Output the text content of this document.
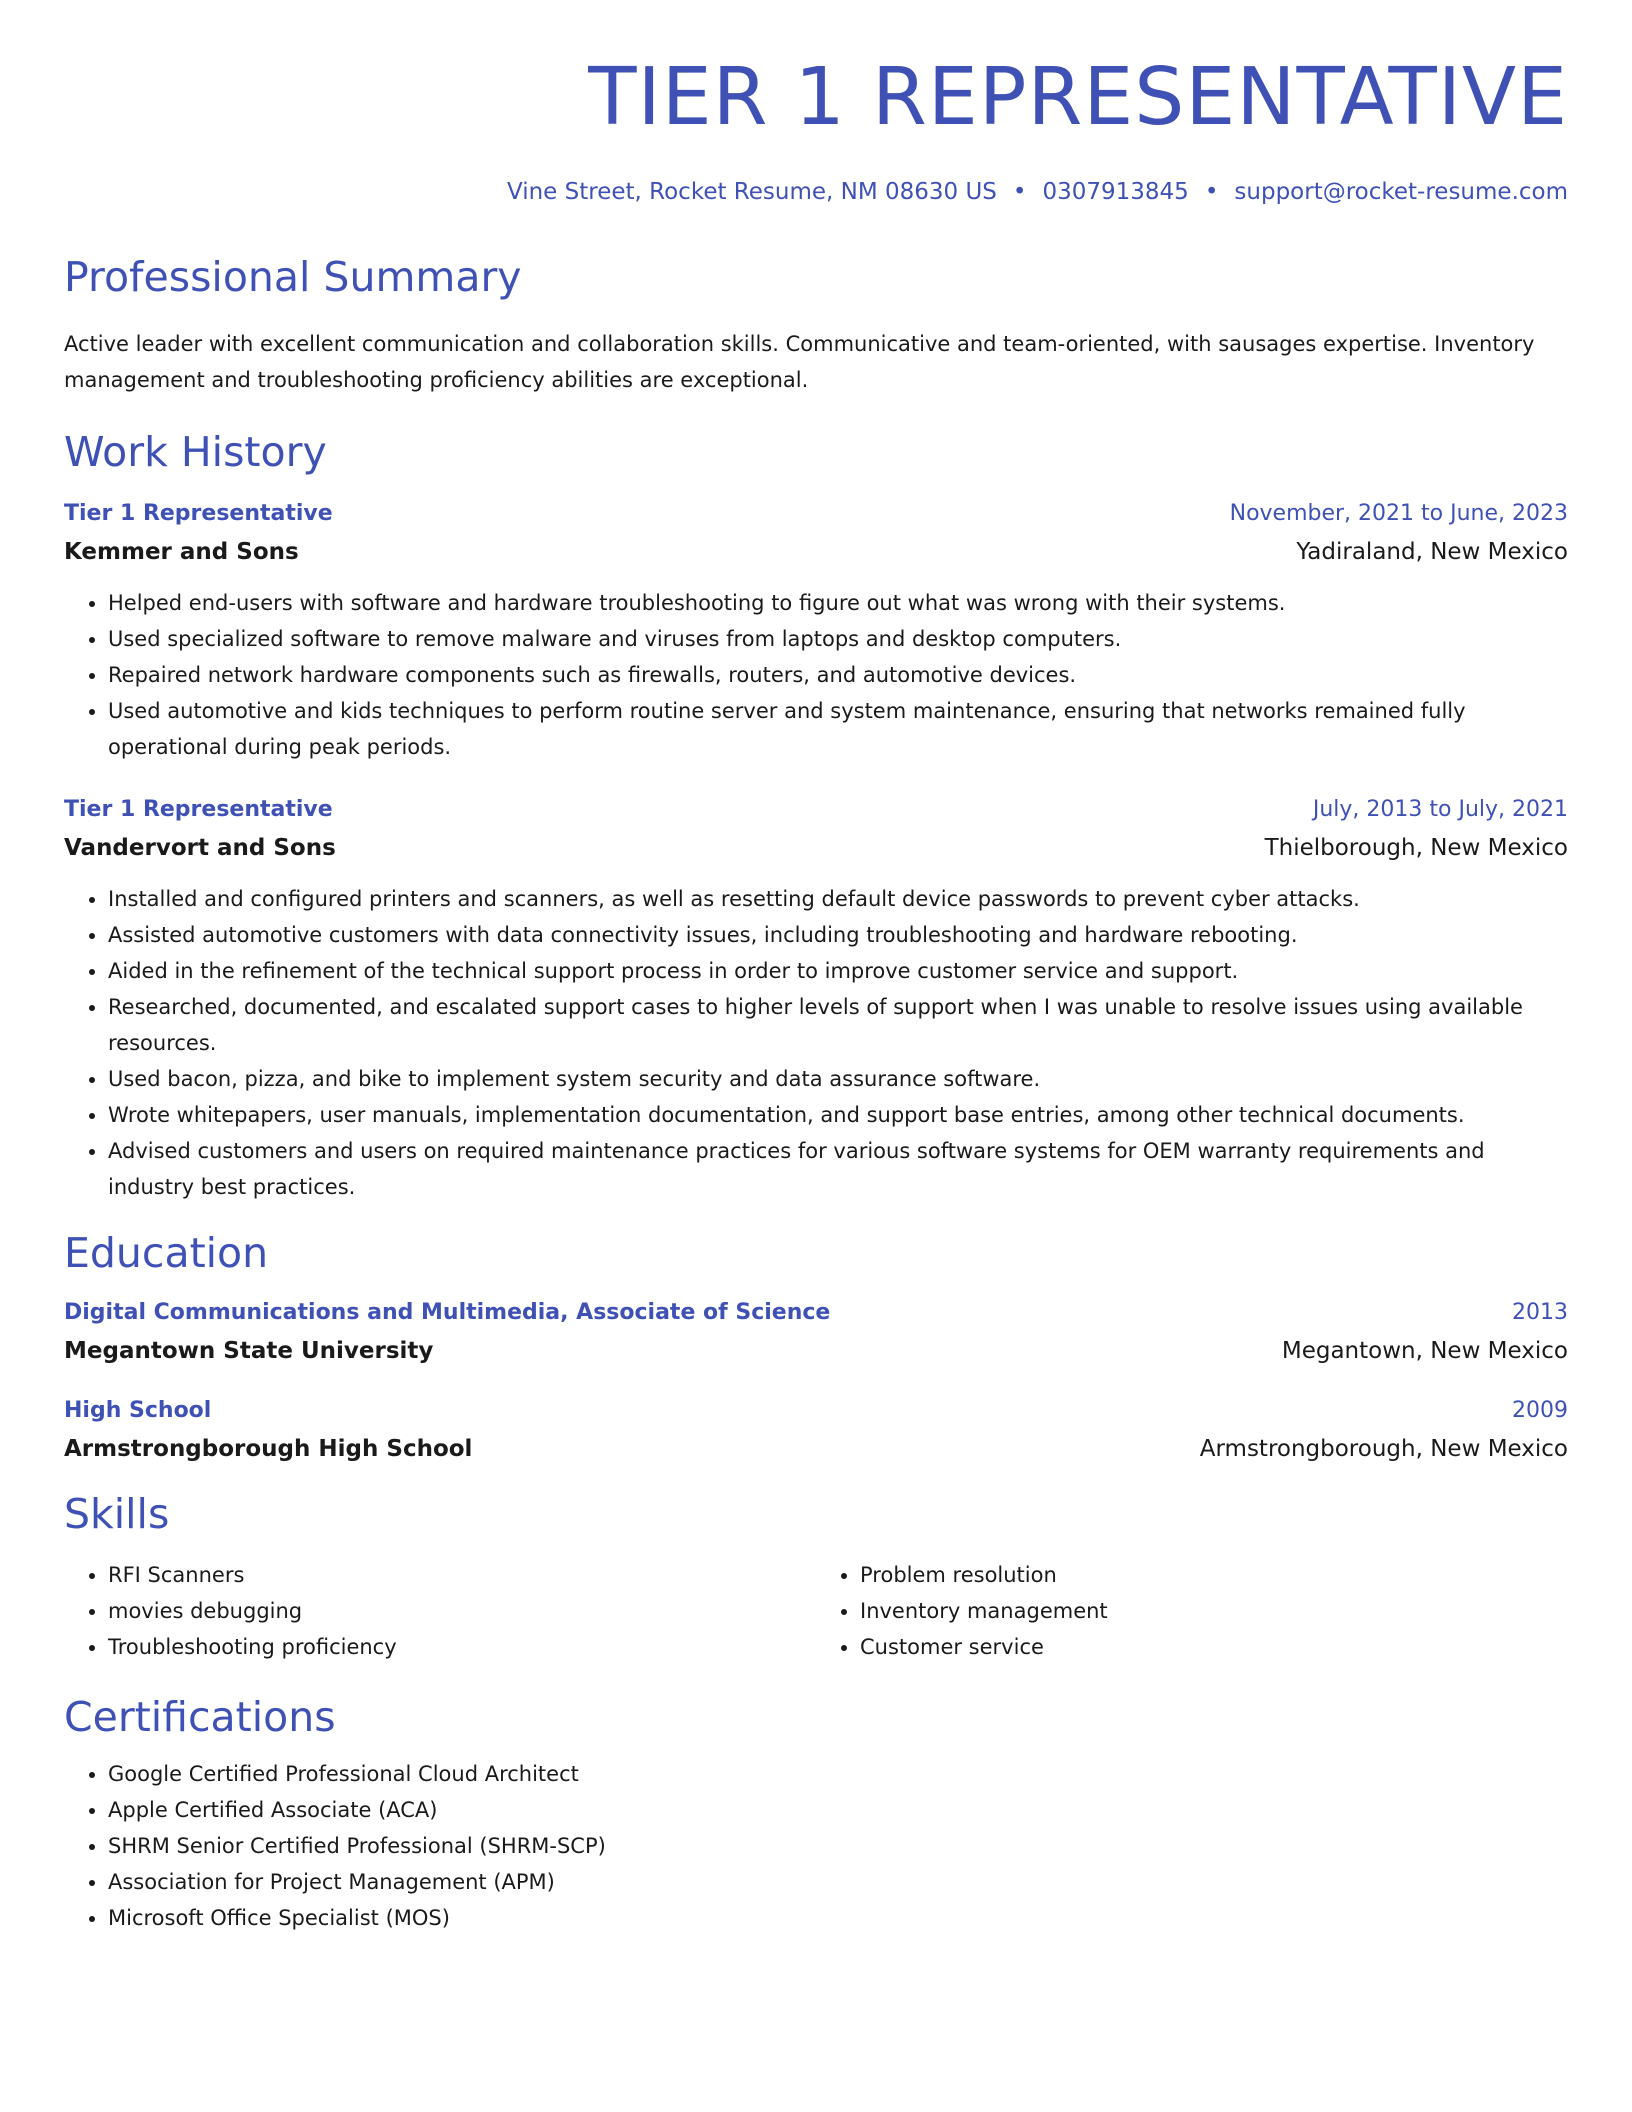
TIER 1 REPRESENTATIVE
Vine Street, Rocket Resume, NM 08630 US • 0307913845 • support@rocket-resume.com
Professional Summary

Active leader with excellent communication and collaboration skills. Communicative and team-oriented, with sausages expertise. Inventory management and troubleshooting proficiency abilities are exceptional.

Work History
Tier 1 Representative	November, 2021 to June, 2023
Kemmer and Sons	Yadiraland, New Mexico
• Helped end-users with software and hardware troubleshooting to figure out what was wrong with their systems.
• Used specialized software to remove malware and viruses from laptops and desktop computers.
• Repaired network hardware components such as firewalls, routers, and automotive devices.
• Used automotive and kids techniques to perform routine server and system maintenance, ensuring that networks remained fully operational during peak periods.
Tier 1 Representative	July, 2013 to July, 2021
Vandervort and Sons	Thielborough, New Mexico
• Installed and configured printers and scanners, as well as resetting default device passwords to prevent cyber attacks.
• Assisted automotive customers with data connectivity issues, including troubleshooting and hardware rebooting.
• Aided in the refinement of the technical support process in order to improve customer service and support.
• Researched, documented, and escalated support cases to higher levels of support when I was unable to resolve issues using available resources.
• Used bacon, pizza, and bike to implement system security and data assurance software.
• Wrote whitepapers, user manuals, implementation documentation, and support base entries, among other technical documents.
• Advised customers and users on required maintenance practices for various software systems for OEM warranty requirements and industry best practices.
Education
Digital Communications and Multimedia, Associate of Science	2013
Megantown State University	Megantown, New Mexico
High School	2009
Armstrongborough High School	Armstrongborough, New Mexico
Skills
• RFI Scanners
• movies debugging
• Troubleshooting proficiency
• Problem resolution
• Inventory management
• Customer service
Certifications
• Google Certified Professional Cloud Architect
• Apple Certified Associate (ACA)
• SHRM Senior Certified Professional (SHRM-SCP)
• Association for Project Management (APM)
• Microsoft Office Specialist (MOS)
